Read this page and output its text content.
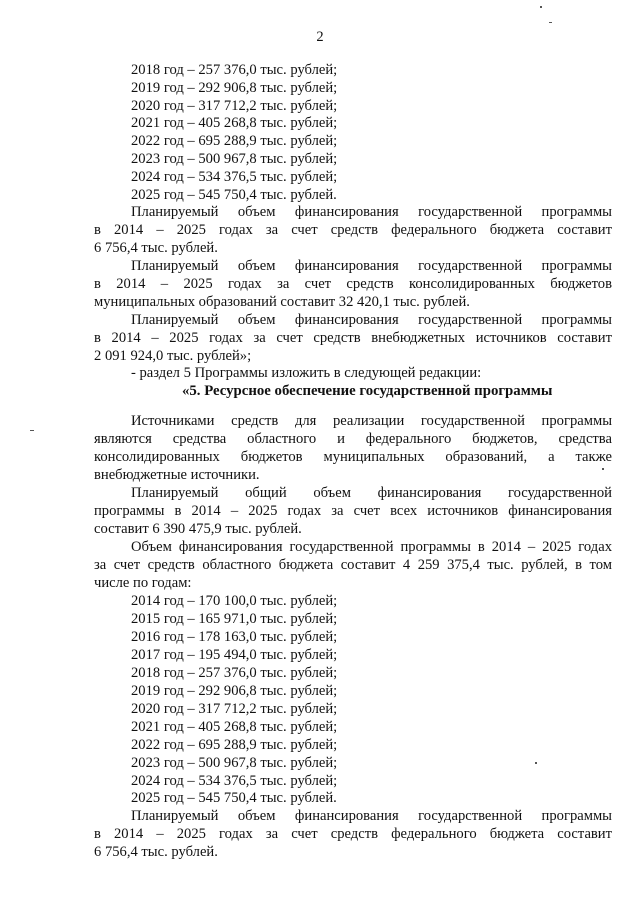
2
2018 год – 257 376,0 тыс. рублей;
2019 год – 292 906,8 тыс. рублей;
2020 год – 317 712,2 тыс. рублей;
2021 год – 405 268,8 тыс. рублей;
2022 год – 695 288,9 тыс. рублей;
2023 год – 500 967,8 тыс. рублей;
2024 год – 534 376,5 тыс. рублей;
2025 год – 545 750,4 тыс. рублей.
Планируемый объем финансирования государственной программы
в 2014 – 2025 годах за счет средств федерального бюджета составит
6 756,4 тыс. рублей.
Планируемый объем финансирования государственной программы
в 2014 – 2025 годах за счет средств консолидированных бюджетов
муниципальных образований составит 32 420,1 тыс. рублей.
Планируемый объем финансирования государственной программы
в 2014 – 2025 годах за счет средств внебюджетных источников составит
2 091 924,0 тыс. рублей»;
- раздел 5 Программы изложить в следующей редакции:
«5. Ресурсное обеспечение государственной программы
Источниками средств для реализации государственной программы
являются средства областного и федерального бюджетов, средства
консолидированных бюджетов муниципальных образований, а также
внебюджетные источники.
Планируемый общий объем финансирования государственной
программы в 2014 – 2025 годах за счет всех источников финансирования
составит 6 390 475,9 тыс. рублей.
Объем финансирования государственной программы в 2014 – 2025 годах
за счет средств областного бюджета составит 4 259 375,4 тыс. рублей, в том
числе по годам:
2014 год – 170 100,0 тыс. рублей;
2015 год – 165 971,0 тыс. рублей;
2016 год – 178 163,0 тыс. рублей;
2017 год – 195 494,0 тыс. рублей;
2018 год – 257 376,0 тыс. рублей;
2019 год – 292 906,8 тыс. рублей;
2020 год – 317 712,2 тыс. рублей;
2021 год – 405 268,8 тыс. рублей;
2022 год – 695 288,9 тыс. рублей;
2023 год – 500 967,8 тыс. рублей;
2024 год – 534 376,5 тыс. рублей;
2025 год – 545 750,4 тыс. рублей.
Планируемый объем финансирования государственной программы
в 2014 – 2025 годах за счет средств федерального бюджета составит
6 756,4 тыс. рублей.
